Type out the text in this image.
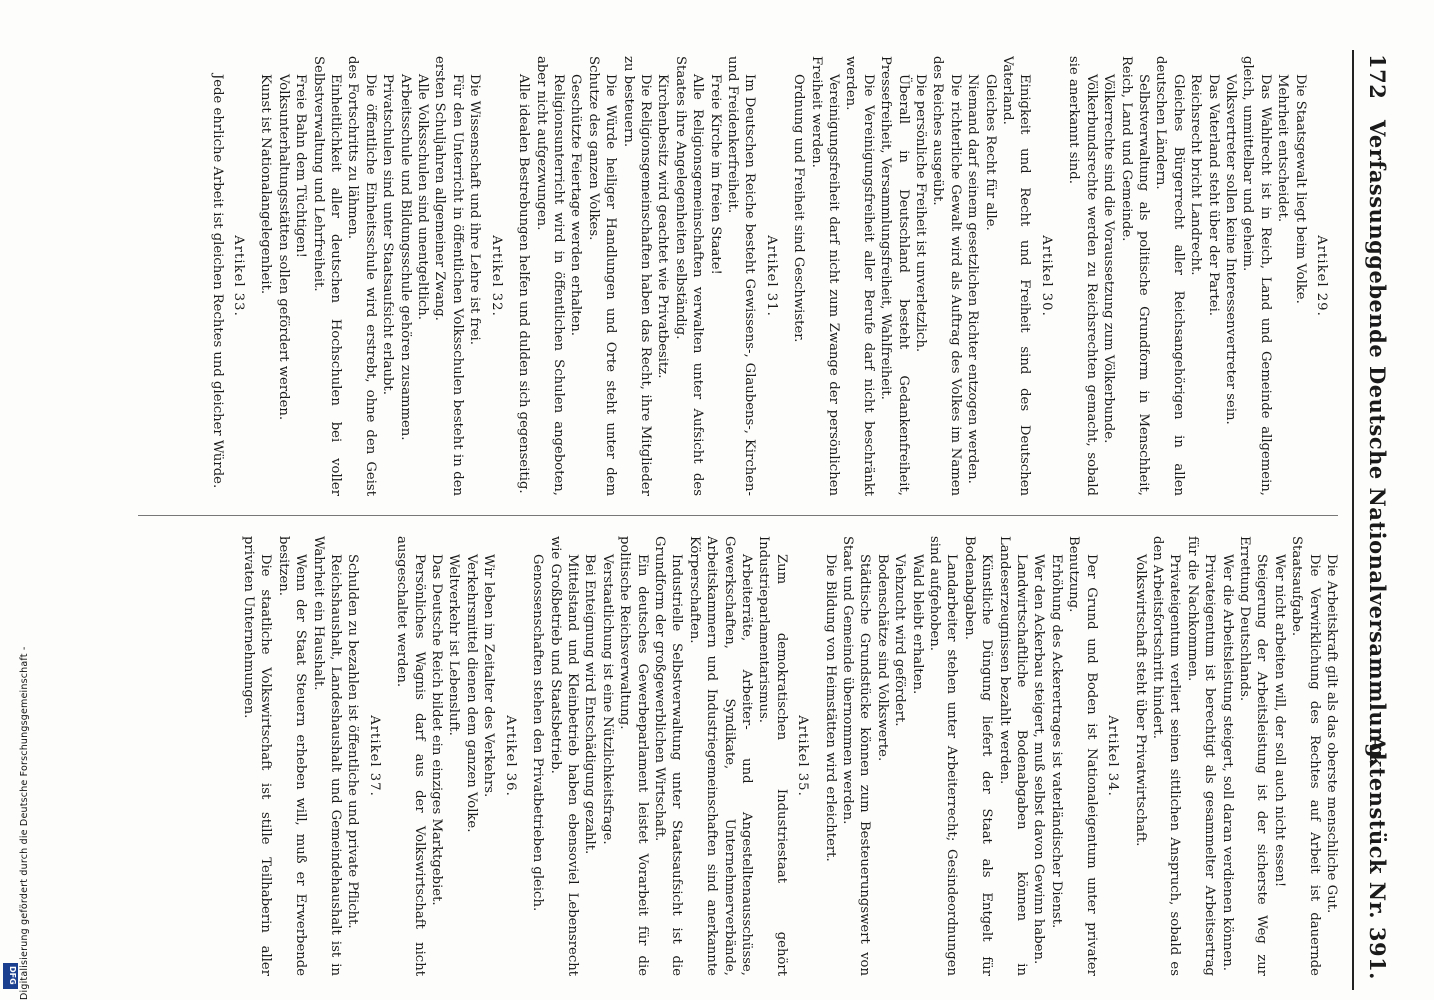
Digitalisierung gefördert durch die Deutsche Forschungsgemeinschaft -
DFG
172
Verfassunggebende Deutsche Nationalversammlung.
Aktenstück Nr. 391.

Artikel 29.

Die Staatsgewalt liegt beim Volke.

Mehrheit entscheidet.

Das Wahlrecht ist in Reich, Land und Gemeinde allgemein, gleich, unmittelbar und geheim.

Volksvertreter sollen keine Interessenvertreter sein.

Das Vaterland steht über der Partei.

Reichsrecht bricht Landrecht.

Gleiches Bürgerrecht aller Reichsangehörigen in allen deutschen Ländern.

Selbstverwaltung als politische Grundform in Menschheit, Reich, Land und Gemeinde.

Völkerrechte sind die Voraussetzung zum Völkerbunde.

Völkerbundsrechte werden zu Reichsrechten gemacht, sobald sie anerkannt sind.

Artikel 30.

Einigkeit und Recht und Freiheit sind des Deutschen Vaterland.

Gleiches Recht für alle.

Niemand darf seinem gesetzlichen Richter entzogen werden.

Die richterliche Gewalt wird als Auftrag des Volkes im Namen des Reiches ausgeübt.

Die persönliche Freiheit ist unverletzlich.

Überall in Deutschland besteht Gedankenfreiheit, Pressefreiheit, Versammlungsfreiheit, Wahlfreiheit.

Die Vereinigungsfreiheit aller Berufe darf nicht beschränkt werden.

Vereinigungsfreiheit darf nicht zum Zwange der persönlichen Freiheit werden.

Ordnung und Freiheit sind Geschwister.

Artikel 31.

Im Deutschen Reiche besteht Gewissens-, Glaubens-, Kirchen- und Freidenkerfreiheit.

Freie Kirche im freien Staate!

Alle Religionsgemeinschaften verwalten unter Aufsicht des Staates ihre Angelegenheiten selbständig.

Kirchenbesitz wird geachtet wie Privatbesitz.

Die Religionsgemeinschaften haben das Recht, ihre Mitglieder zu besteuern.

Die Würde heiliger Handlungen und Orte steht unter dem Schutze des ganzen Volkes.

Geschützte Feiertage werden erhalten.

Religionsunterricht wird in öffentlichen Schulen angeboten, aber nicht aufgezwungen.

Alle idealen Bestrebungen helfen und dulden sich gegenseitig.

Artikel 32.

Die Wissenschaft und ihre Lehre ist frei.

Für den Unterricht in öffentlichen Volksschulen besteht in den ersten Schuljahren allgemeiner Zwang.

Alle Volksschulen sind unentgeltlich.

Arbeitsschule und Bildungsschule gehören zusammen.

Privatschulen sind unter Staatsaufsicht erlaubt.

Die öffentliche Einheitsschule wird erstrebt, ohne den Geist des Fortschritts zu lähmen.

Einheitlichkeit aller deutschen Hochschulen bei voller Selbstverwaltung und Lehrfreiheit.

Freie Bahn dem Tüchtigen!

Volksunterhaltungsstätten sollen gefördert werden.

Kunst ist Nationalangelegenheit.

Artikel 33.

Jede ehrliche Arbeit ist gleichen Rechtes und gleicher Würde.

Die Arbeitskraft gilt als das oberste menschliche Gut.

Die Verwirklichung des Rechtes auf Arbeit ist dauernde Staatsaufgabe.

Wer nicht arbeiten will, der soll auch nicht essen!

Steigerung der Arbeitsleistung ist der sicherste Weg zur Errettung Deutschlands.

Wer die Arbeitsleistung steigert, soll daran verdienen können.

Privateigentum ist berechtigt als gesammelter Arbeitsertrag für die Nachkommen.

Privateigentum verliert seinen sittlichen Anspruch, sobald es den Arbeitsfortschritt hindert.

Volkswirtschaft steht über Privatwirtschaft.

Artikel 34.

Der Grund und Boden ist Nationaleigentum unter privater Benutzung.

Erhöhung des Ackerertrages ist vaterländischer Dienst.

Wer den Ackerbau steigert, muß selbst davon Gewinn haben.

Landwirtschaftliche Bodenabgaben können in Landeserzeugnissen bezahlt werden.

Künstliche Düngung liefert der Staat als Entgelt für Bodenabgaben.

Landarbeiter stehen unter Arbeiterrecht; Gesindeordnungen sind aufgehoben.

Wald bleibt erhalten.

Viehzucht wird gefördert.

Bodenschätze sind Volkswerte.

Städtische Grundstücke können zum Besteuerungswert von Staat und Gemeinde übernommen werden.

Die Bildung von Heimstätten wird erleichtert.

Artikel 35.

Zum demokratischen Industriestaat gehört Industrieparlamentarismus.

Arbeiterräte, Arbeiter- und Angestelltenausschüsse, Gewerkschaften, Syndikate, Unternehmerverbände, Arbeitskammern und Industriegemeinschaften sind anerkannte Körperschaften.

Industrielle Selbstverwaltung unter Staatsaufsicht ist die Grundform der großgewerblichen Wirtschaft.

Ein deutsches Gewerbeparlament leistet Vorarbeit für die politische Reichsverwaltung.

Verstaatlichung ist eine Nützlichkeitsfrage.

Bei Enteignung wird Entschädigung gezahlt.

Mittelstand und Kleinbetrieb haben ebensoviel Lebensrecht wie Großbetrieb und Staatsbetrieb.

Genossenschaften stehen den Privatbetrieben gleich.

Artikel 36.

Wir leben im Zeitalter des Verkehrs.

Verkehrsmittel dienen dem ganzen Volke.

Weltverkehr ist Lebensluft.

Das Deutsche Reich bildet ein einziges Marktgebiet.

Persönliches Wagnis darf aus der Volkswirtschaft nicht ausgeschaltet werden.

Artikel 37.

Schulden zu bezahlen ist öffentliche und private Pflicht.

Reichshaushalt, Landeshaushalt und Gemeindehaushalt ist in Wahrheit ein Haushalt.

Wenn der Staat Steuern erheben will, muß er Erwerbende besitzen.

Die staatliche Volkswirtschaft ist stille Teilhaberin aller privaten Unternehmungen.
